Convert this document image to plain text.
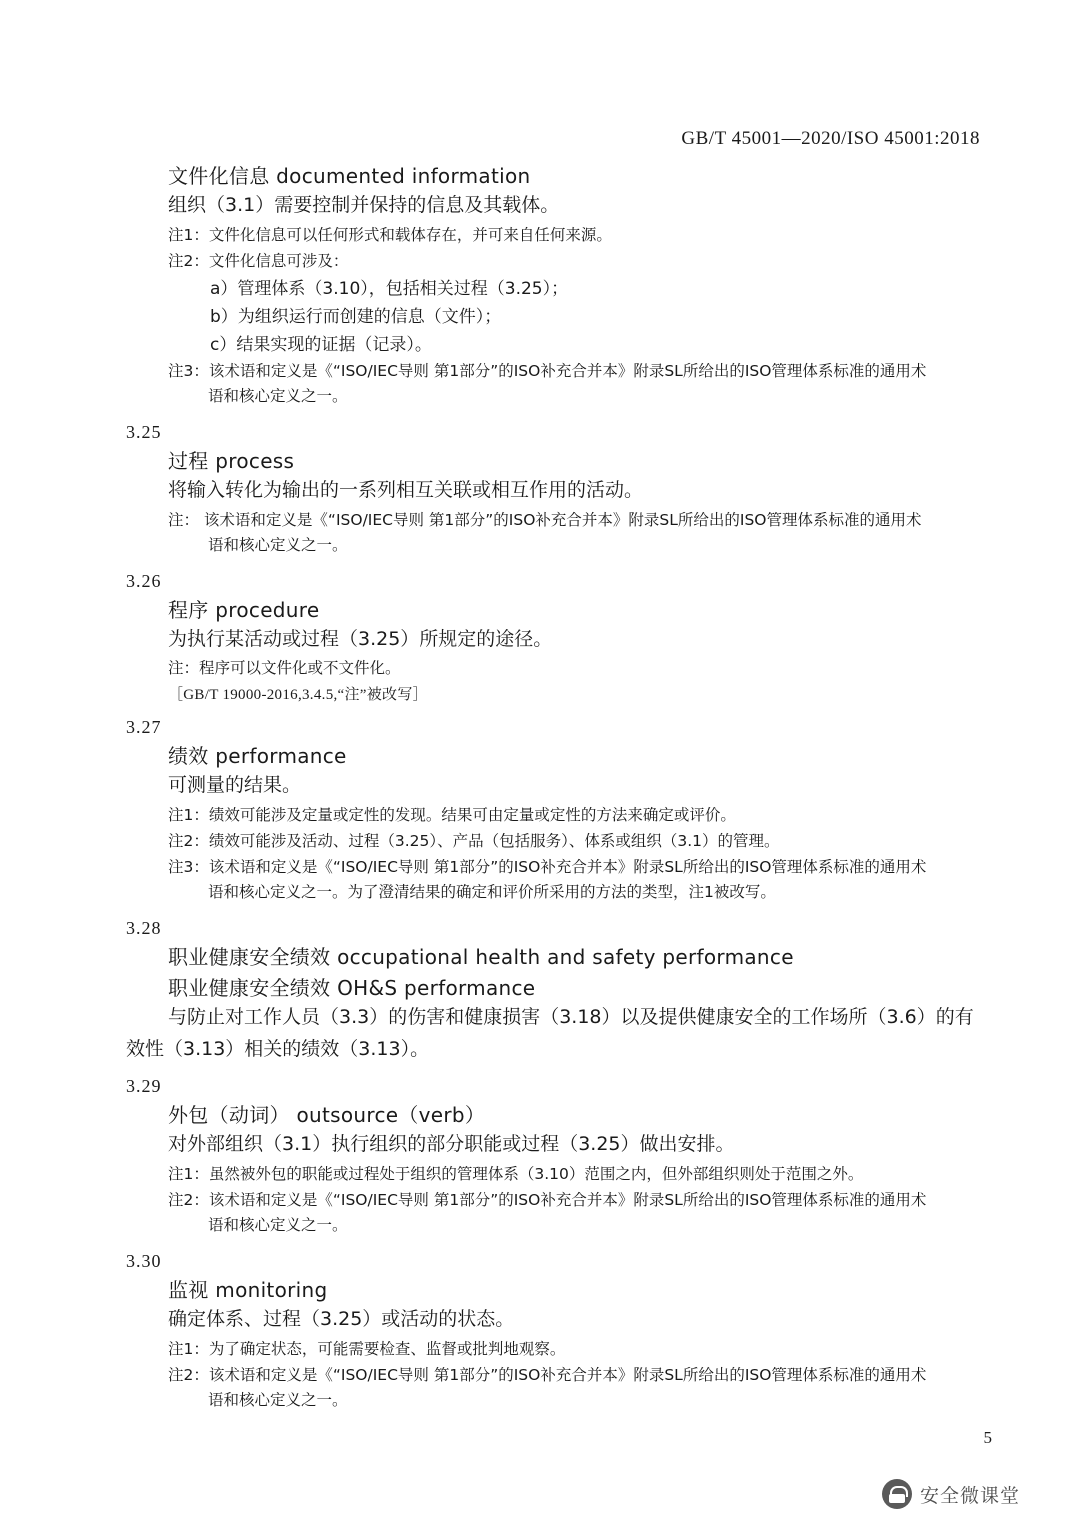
GB/T 45001—2020/ISO 45001:2018
文件化信息 documented information
组织（3.1）需要控制并保持的信息及其载体。
注1：文件化信息可以任何形式和载体存在，并可来自任何来源。
注2：文件化信息可涉及：
a）管理体系（3.10），包括相关过程（3.25）；
b）为组织运行而创建的信息（文件）；
c）结果实现的证据（记录）。
注3：该术语和定义是《“ISO/IEC导则 第1部分”的ISO补充合并本》附录SL所给出的ISO管理体系标准的通用术
语和核心定义之一。
3.25
过程 process
将输入转化为输出的一系列相互关联或相互作用的活动。
注： 该术语和定义是《“ISO/IEC导则 第1部分”的ISO补充合并本》附录SL所给出的ISO管理体系标准的通用术
语和核心定义之一。
3.26
程序 procedure
为执行某活动或过程（3.25）所规定的途径。
注：程序可以文件化或不文件化。
［GB/T 19000-2016,3.4.5,“注”被改写］
3.27
绩效 performance
可测量的结果。
注1：绩效可能涉及定量或定性的发现。结果可由定量或定性的方法来确定或评价。
注2：绩效可能涉及活动、过程（3.25）、产品（包括服务）、体系或组织（3.1）的管理。
注3：该术语和定义是《“ISO/IEC导则 第1部分”的ISO补充合并本》附录SL所给出的ISO管理体系标准的通用术
语和核心定义之一。为了澄清结果的确定和评价所采用的方法的类型，注1被改写。
3.28
职业健康安全绩效 occupational health and safety performance
职业健康安全绩效 OH&S performance
与防止对工作人员（3.3）的伤害和健康损害（3.18）以及提供健康安全的工作场所（3.6）的有
效性（3.13）相关的绩效（3.13）。
3.29
外包（动词） outsource（verb）
对外部组织（3.1）执行组织的部分职能或过程（3.25）做出安排。
注1：虽然被外包的职能或过程处于组织的管理体系（3.10）范围之内，但外部组织则处于范围之外。
注2：该术语和定义是《“ISO/IEC导则 第1部分”的ISO补充合并本》附录SL所给出的ISO管理体系标准的通用术
语和核心定义之一。
3.30
监视 monitoring
确定体系、过程（3.25）或活动的状态。
注1：为了确定状态，可能需要检查、监督或批判地观察。
注2：该术语和定义是《“ISO/IEC导则 第1部分”的ISO补充合并本》附录SL所给出的ISO管理体系标准的通用术
语和核心定义之一。
5
安全微课堂
